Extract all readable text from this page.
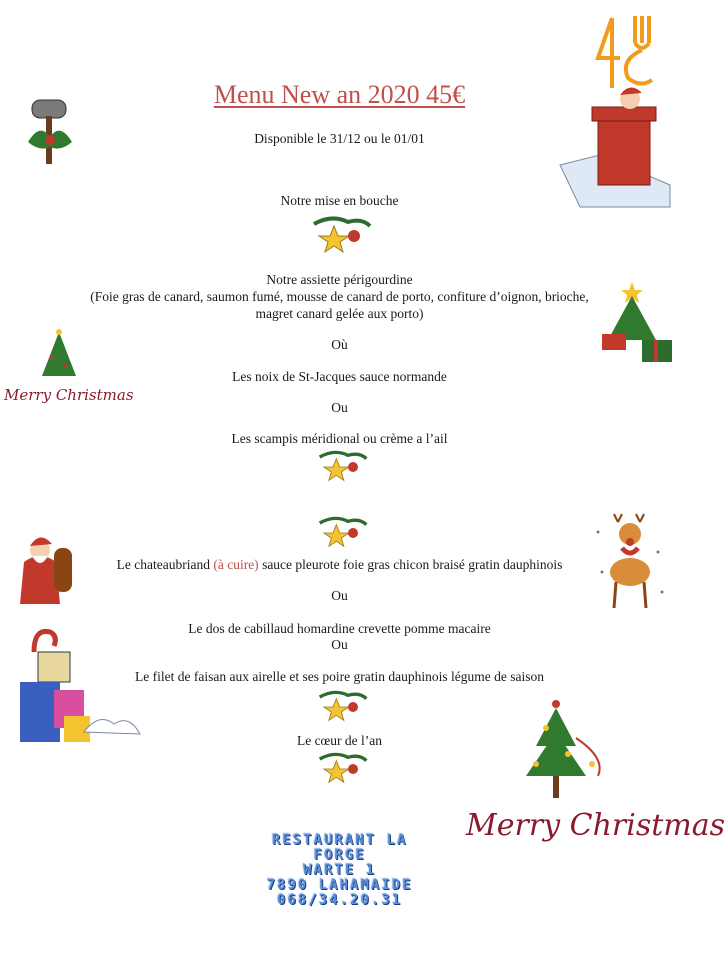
Menu New an 2020 45€
Disponible le 31/12 ou le 01/01
Notre mise en bouche
Notre assiette périgourdine
(Foie gras de canard, saumon fumé, mousse de canard de porto, confiture d’oignon, brioche,
magret canard gelée aux porto)
Où
Les noix de St-Jacques sauce normande
Ou
Les scampis méridional ou crème a l’ail
Le chateaubriand (à cuire) sauce pleurote foie gras chicon braisé gratin dauphinois
Ou
Le dos de cabillaud homardine crevette pomme macaire
Ou
Le filet de faisan aux airelle et ses poire gratin dauphinois légume de saison
Le cœur de l’an
RESTAURANT LA
FORGE
WARTE 1
7890 LAHAMAIDE
068/34.20.31
Merry Christmas
Merry Christmas
